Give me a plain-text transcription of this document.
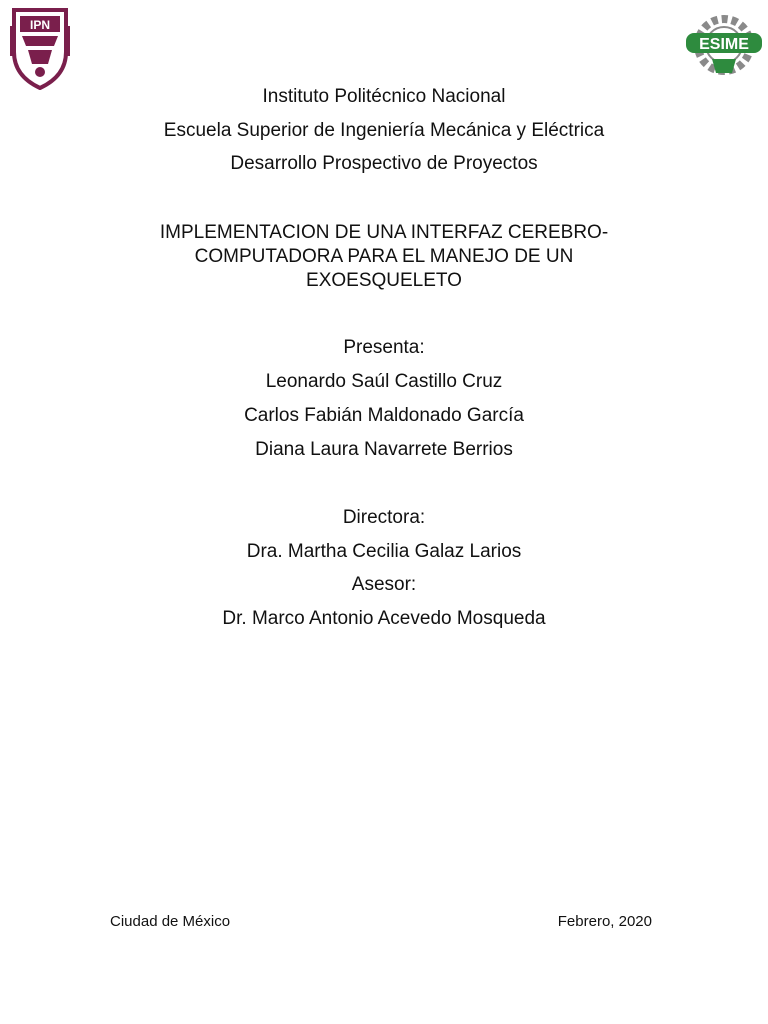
IPN
ESIME
Instituto Politécnico Nacional
Escuela Superior de Ingeniería Mecánica y Eléctrica
Desarrollo Prospectivo de Proyectos
IMPLEMENTACION DE UNA INTERFAZ CEREBRO-
COMPUTADORA PARA EL MANEJO DE UN
EXOESQUELETO
Presenta:
Leonardo Saúl Castillo Cruz
Carlos Fabián Maldonado García
Diana Laura Navarrete Berrios
Directora:
Dra. Martha Cecilia Galaz Larios
Asesor:
Dr. Marco Antonio Acevedo Mosqueda
Ciudad de México	Febrero, 2020
